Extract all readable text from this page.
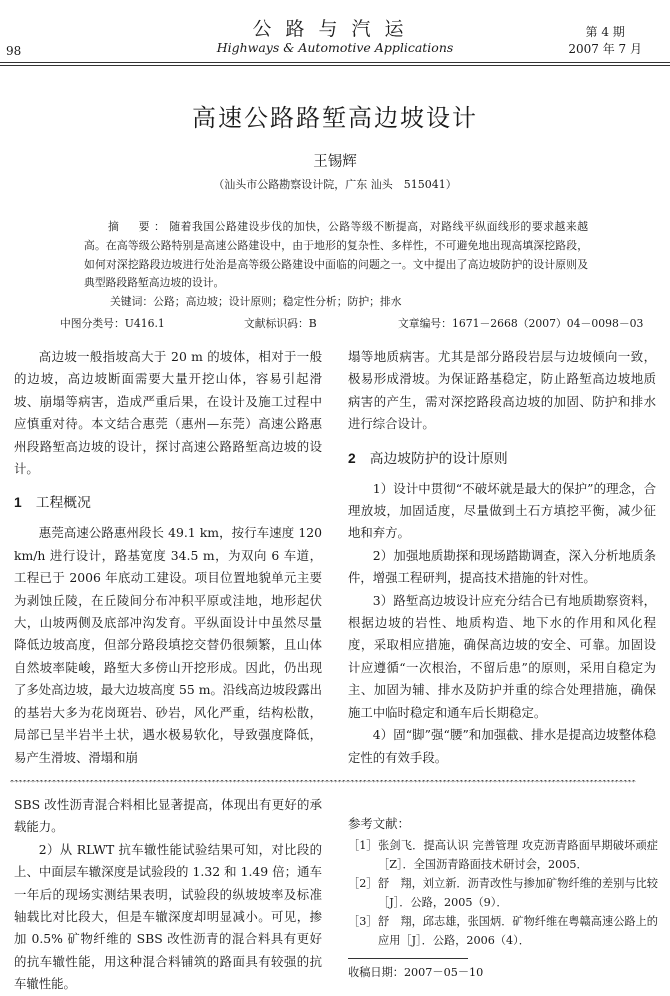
98
公路与汽运
Highways & Automotive Applications
第 4 期
2007 年 7 月
高速公路路堑高边坡设计
王锡辉
（汕头市公路勘察设计院，广东 汕头　515041）
摘　要：随着我国公路建设步伐的加快，公路等级不断提高，对路线平纵面线形的要求越来越高。在高等级公路特别是高速公路建设中，由于地形的复杂性、多样性，不可避免地出现高填深挖路段，如何对深挖路段边坡进行处治是高等级公路建设中面临的问题之一。文中提出了高边坡防护的设计原则及典型路段路堑高边坡的设计。
关键词：公路；高边坡；设计原则；稳定性分析；防护；排水
中图分类号：U416.1	文献标识码：B	文章编号：1671－2668（2007）04－0098－03

高边坡一般指坡高大于 20 m 的坡体，相对于一般的边坡，高边坡断面需要大量开挖山体，容易引起滑坡、崩塌等病害，造成严重后果，在设计及施工过程中应慎重对待。本文结合惠莞（惠州—东莞）高速公路惠州段路堑高边坡的设计，探讨高速公路路堑高边坡的设计。

1 工程概况

惠莞高速公路惠州段长 49.1 km，按行车速度 120 km/h 进行设计，路基宽度 34.5 m，为双向 6 车道，工程已于 2006 年底动工建设。项目位置地貌单元主要为剥蚀丘陵，在丘陵间分布冲积平原或洼地，地形起伏大，山坡两侧及底部冲沟发育。平纵面设计中虽然尽量降低边坡高度，但部分路段填挖交替仍很频繁，且山体自然坡率陡峻，路堑大多傍山开挖形成。因此，仍出现了多处高边坡，最大边坡高度 55 m。沿线高边坡段露出的基岩大多为花岗斑岩、砂岩，风化严重，结构松散，局部已呈半岩半土状，遇水极易软化，导致强度降低，易产生滑坡、滑塌和崩

塌等地质病害。尤其是部分路段岩层与边坡倾向一致，极易形成滑坡。为保证路基稳定，防止路堑高边坡地质病害的产生，需对深挖路段高边坡的加固、防护和排水进行综合设计。

2 高边坡防护的设计原则

1）设计中贯彻“不破坏就是最大的保护”的理念，合理放坡，加固适度，尽量做到土石方填挖平衡，减少征地和弃方。

2）加强地质勘探和现场踏勘调查，深入分析地质条件，增强工程研判，提高技术措施的针对性。

3）路堑高边坡设计应充分结合已有地质勘察资料，根据边坡的岩性、地质构造、地下水的作用和风化程度，采取相应措施，确保高边坡的安全、可靠。加固设计应遵循“一次根治，不留后患”的原则，采用自稳定为主、加固为辅、排水及防护并重的综合处理措施，确保施工中临时稳定和通车后长期稳定。

4）固“脚”强“腰”和加强截、排水是提高边坡整体稳定性的有效手段。

*****************************************************************************************************************************************************

SBS 改性沥青混合料相比显著提高，体现出有更好的承载能力。

2）从 RLWT 抗车辙性能试验结果可知，对比段的上、中面层车辙深度是试验段的 1.32 和 1.49 倍；通车一年后的现场实测结果表明，试验段的纵坡坡率及标准轴载比对比段大，但是车辙深度却明显减小。可见，掺加 0.5% 矿物纤维的 SBS 改性沥青的混合料具有更好的抗车辙性能，用这种混合料铺筑的路面具有较强的抗车辙性能。

参考文献：
［1］ 张剑飞．提高认识 完善管理 攻克沥青路面早期破坏顽症［Z］．全国沥青路面技术研讨会，2005．
［2］ 舒　翔，刘立新．沥青改性与掺加矿物纤维的差别与比较［J］．公路，2005（9）．
［3］ 舒　翔，邱志雄，张国炳．矿物纤维在粤赣高速公路上的应用［J］．公路，2006（4）．
收稿日期：2007－05－10
